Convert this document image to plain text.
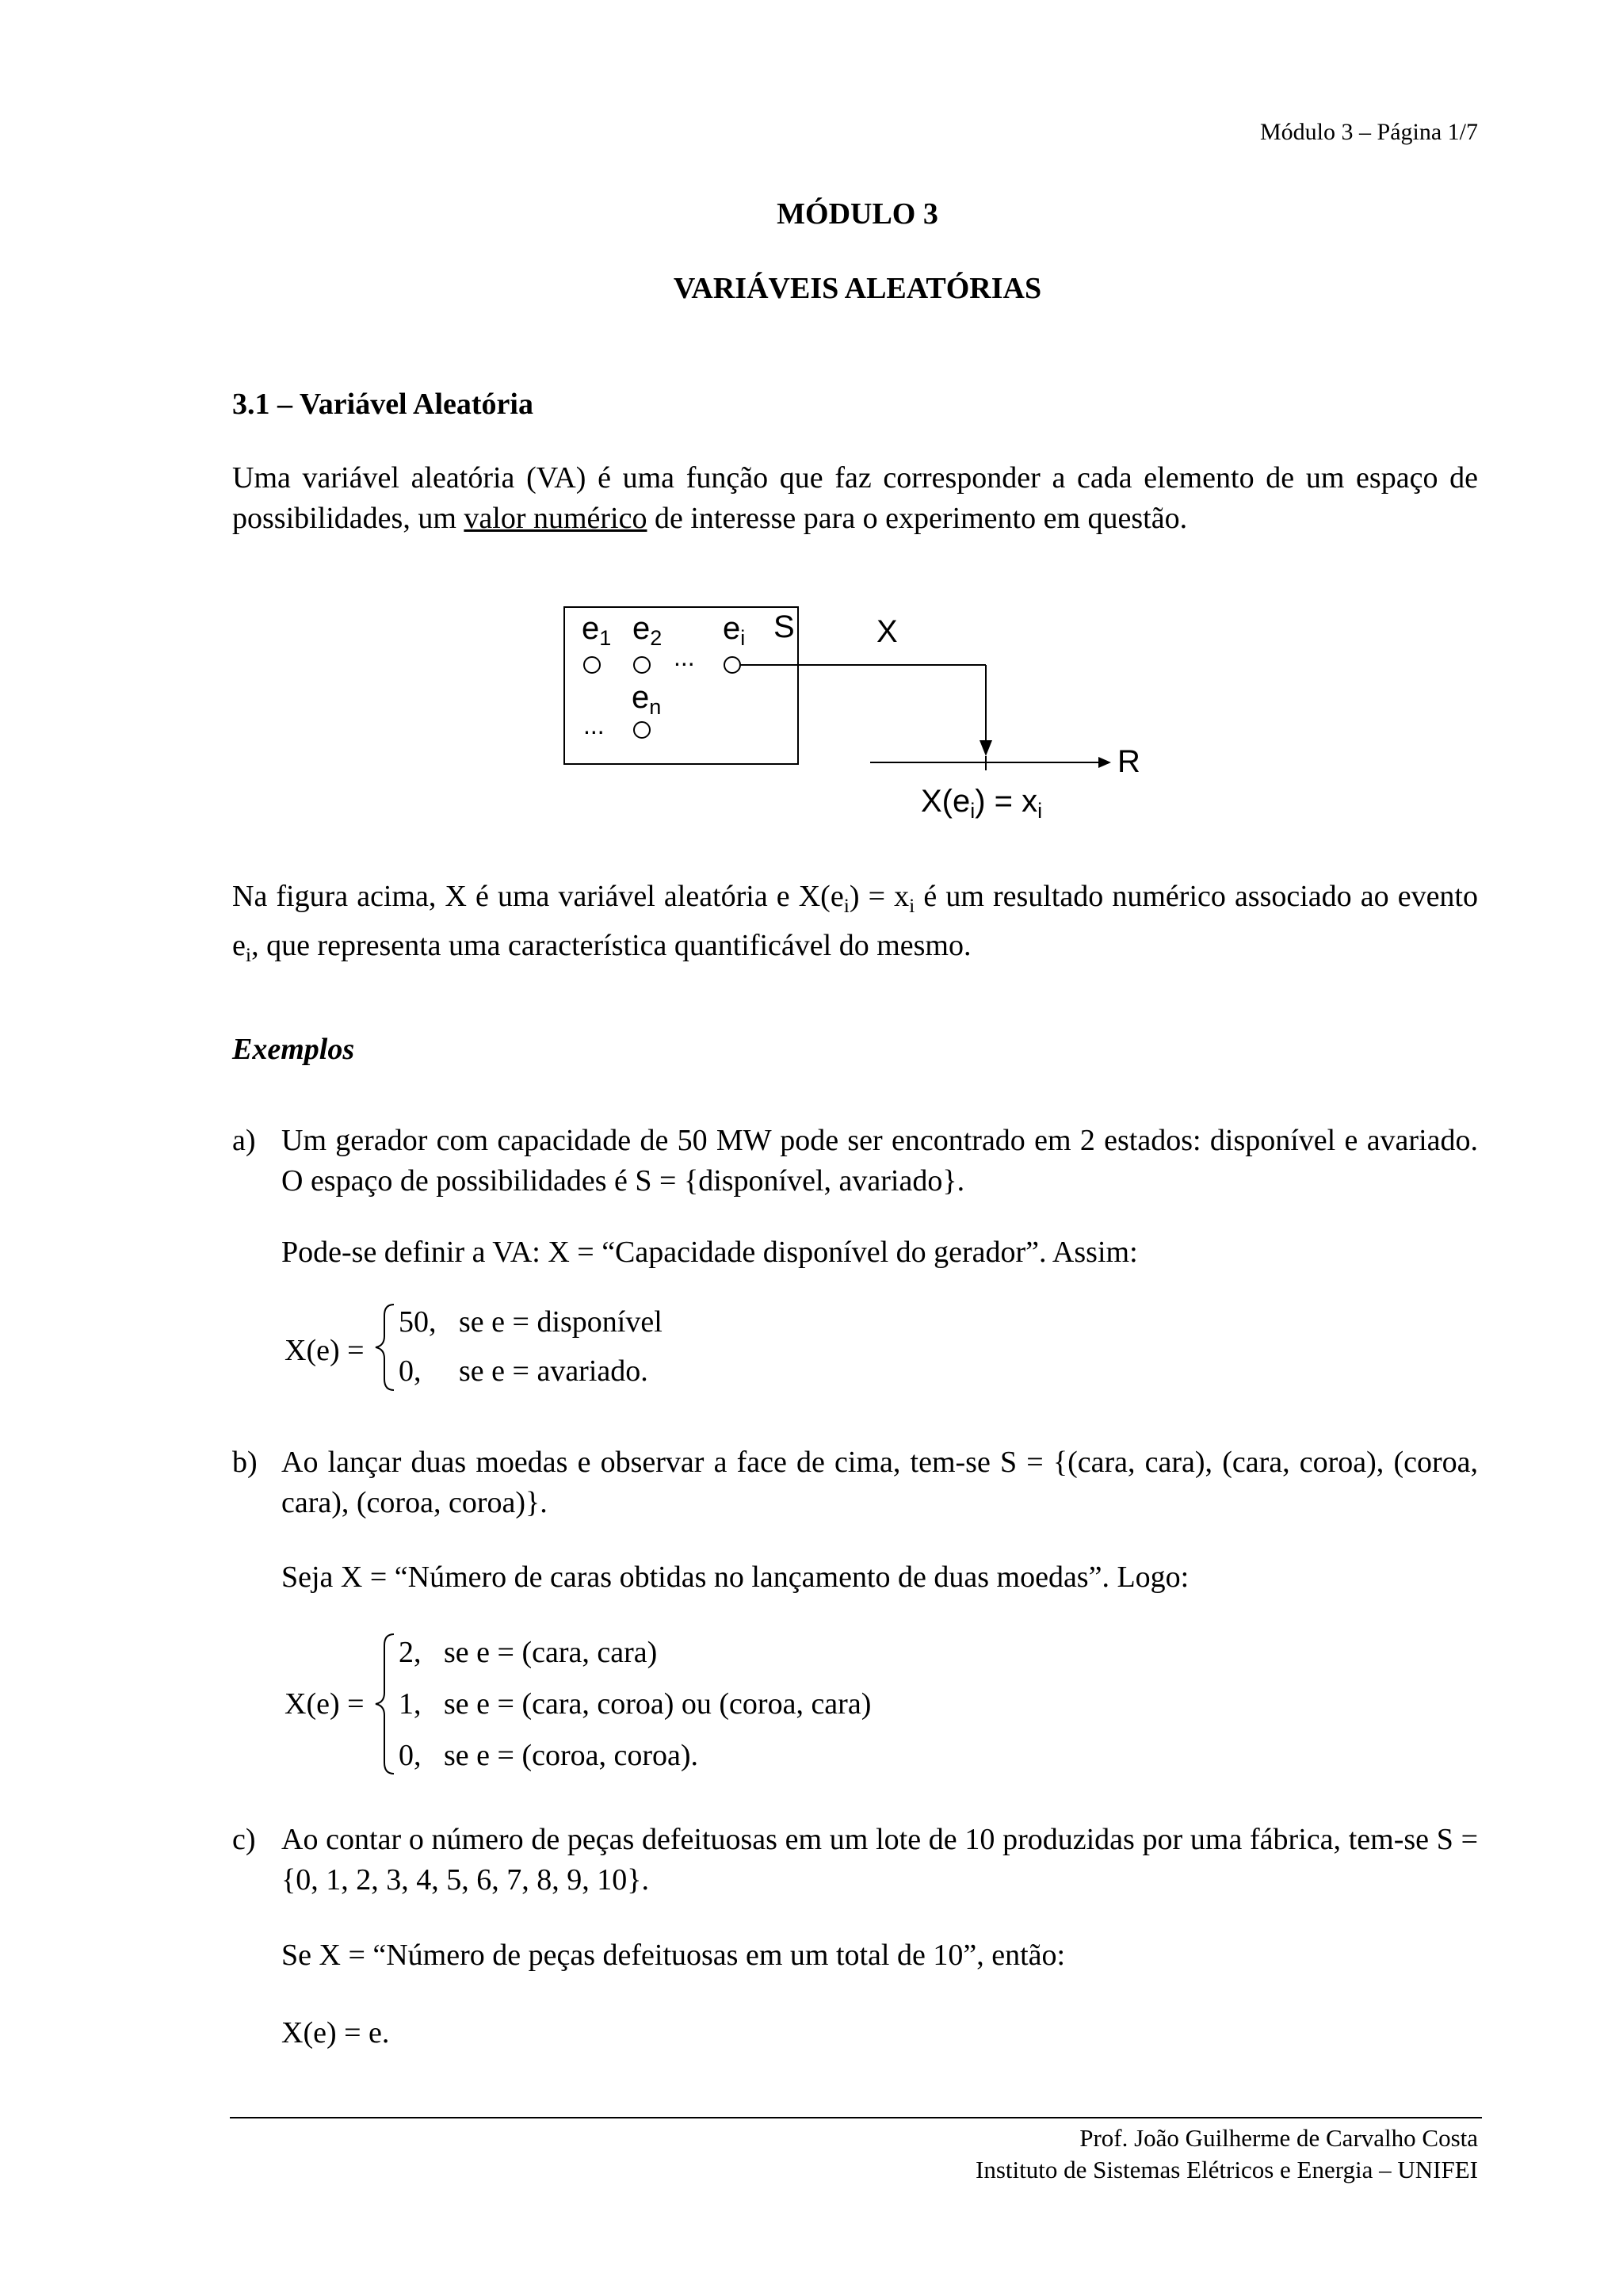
Módulo 3 – Página 1/7
MÓDULO 3
VARIÁVEIS ALEATÓRIAS
3.1 – Variável Aleatória
Uma variável aleatória (VA) é uma função que faz corresponder a cada elemento de um espaço de possibilidades, um valor numérico de interesse para o experimento em questão.
$e_1$ $e_2$ $e_i$ S
...
$e_n$
...
X
R
$X(e_i) = x_i$
Na figura acima, X é uma variável aleatória e $X(e_i) = x_i$ é um resultado numérico associado ao evento $e_i$, que representa uma característica quantificável do mesmo.
Exemplos
a) Um gerador com capacidade de 50 MW pode ser encontrado em 2 estados: disponível e avariado. O espaço de possibilidades é S = {disponível, avariado}.
Pode-se definir a VA: X = “Capacidade disponível do gerador”. Assim:
X(e) =
50,   se e = disponível
0,     se e = avariado.
b) Ao lançar duas moedas e observar a face de cima, tem-se S = {(cara, cara), (cara, coroa), (coroa, cara), (coroa, coroa)}.
Seja X = “Número de caras obtidas no lançamento de duas moedas”. Logo:
X(e) =
2,   se e = (cara, cara)
1,   se e = (cara, coroa) ou (coroa, cara)
0,   se e = (coroa, coroa).
c) Ao contar o número de peças defeituosas em um lote de 10 produzidas por uma fábrica, tem-se S = {0, 1, 2, 3, 4, 5, 6, 7, 8, 9, 10}.
Se X = “Número de peças defeituosas em um total de 10”, então:
X(e) = e.
Prof. João Guilherme de Carvalho Costa
Instituto de Sistemas Elétricos e Energia – UNIFEI
